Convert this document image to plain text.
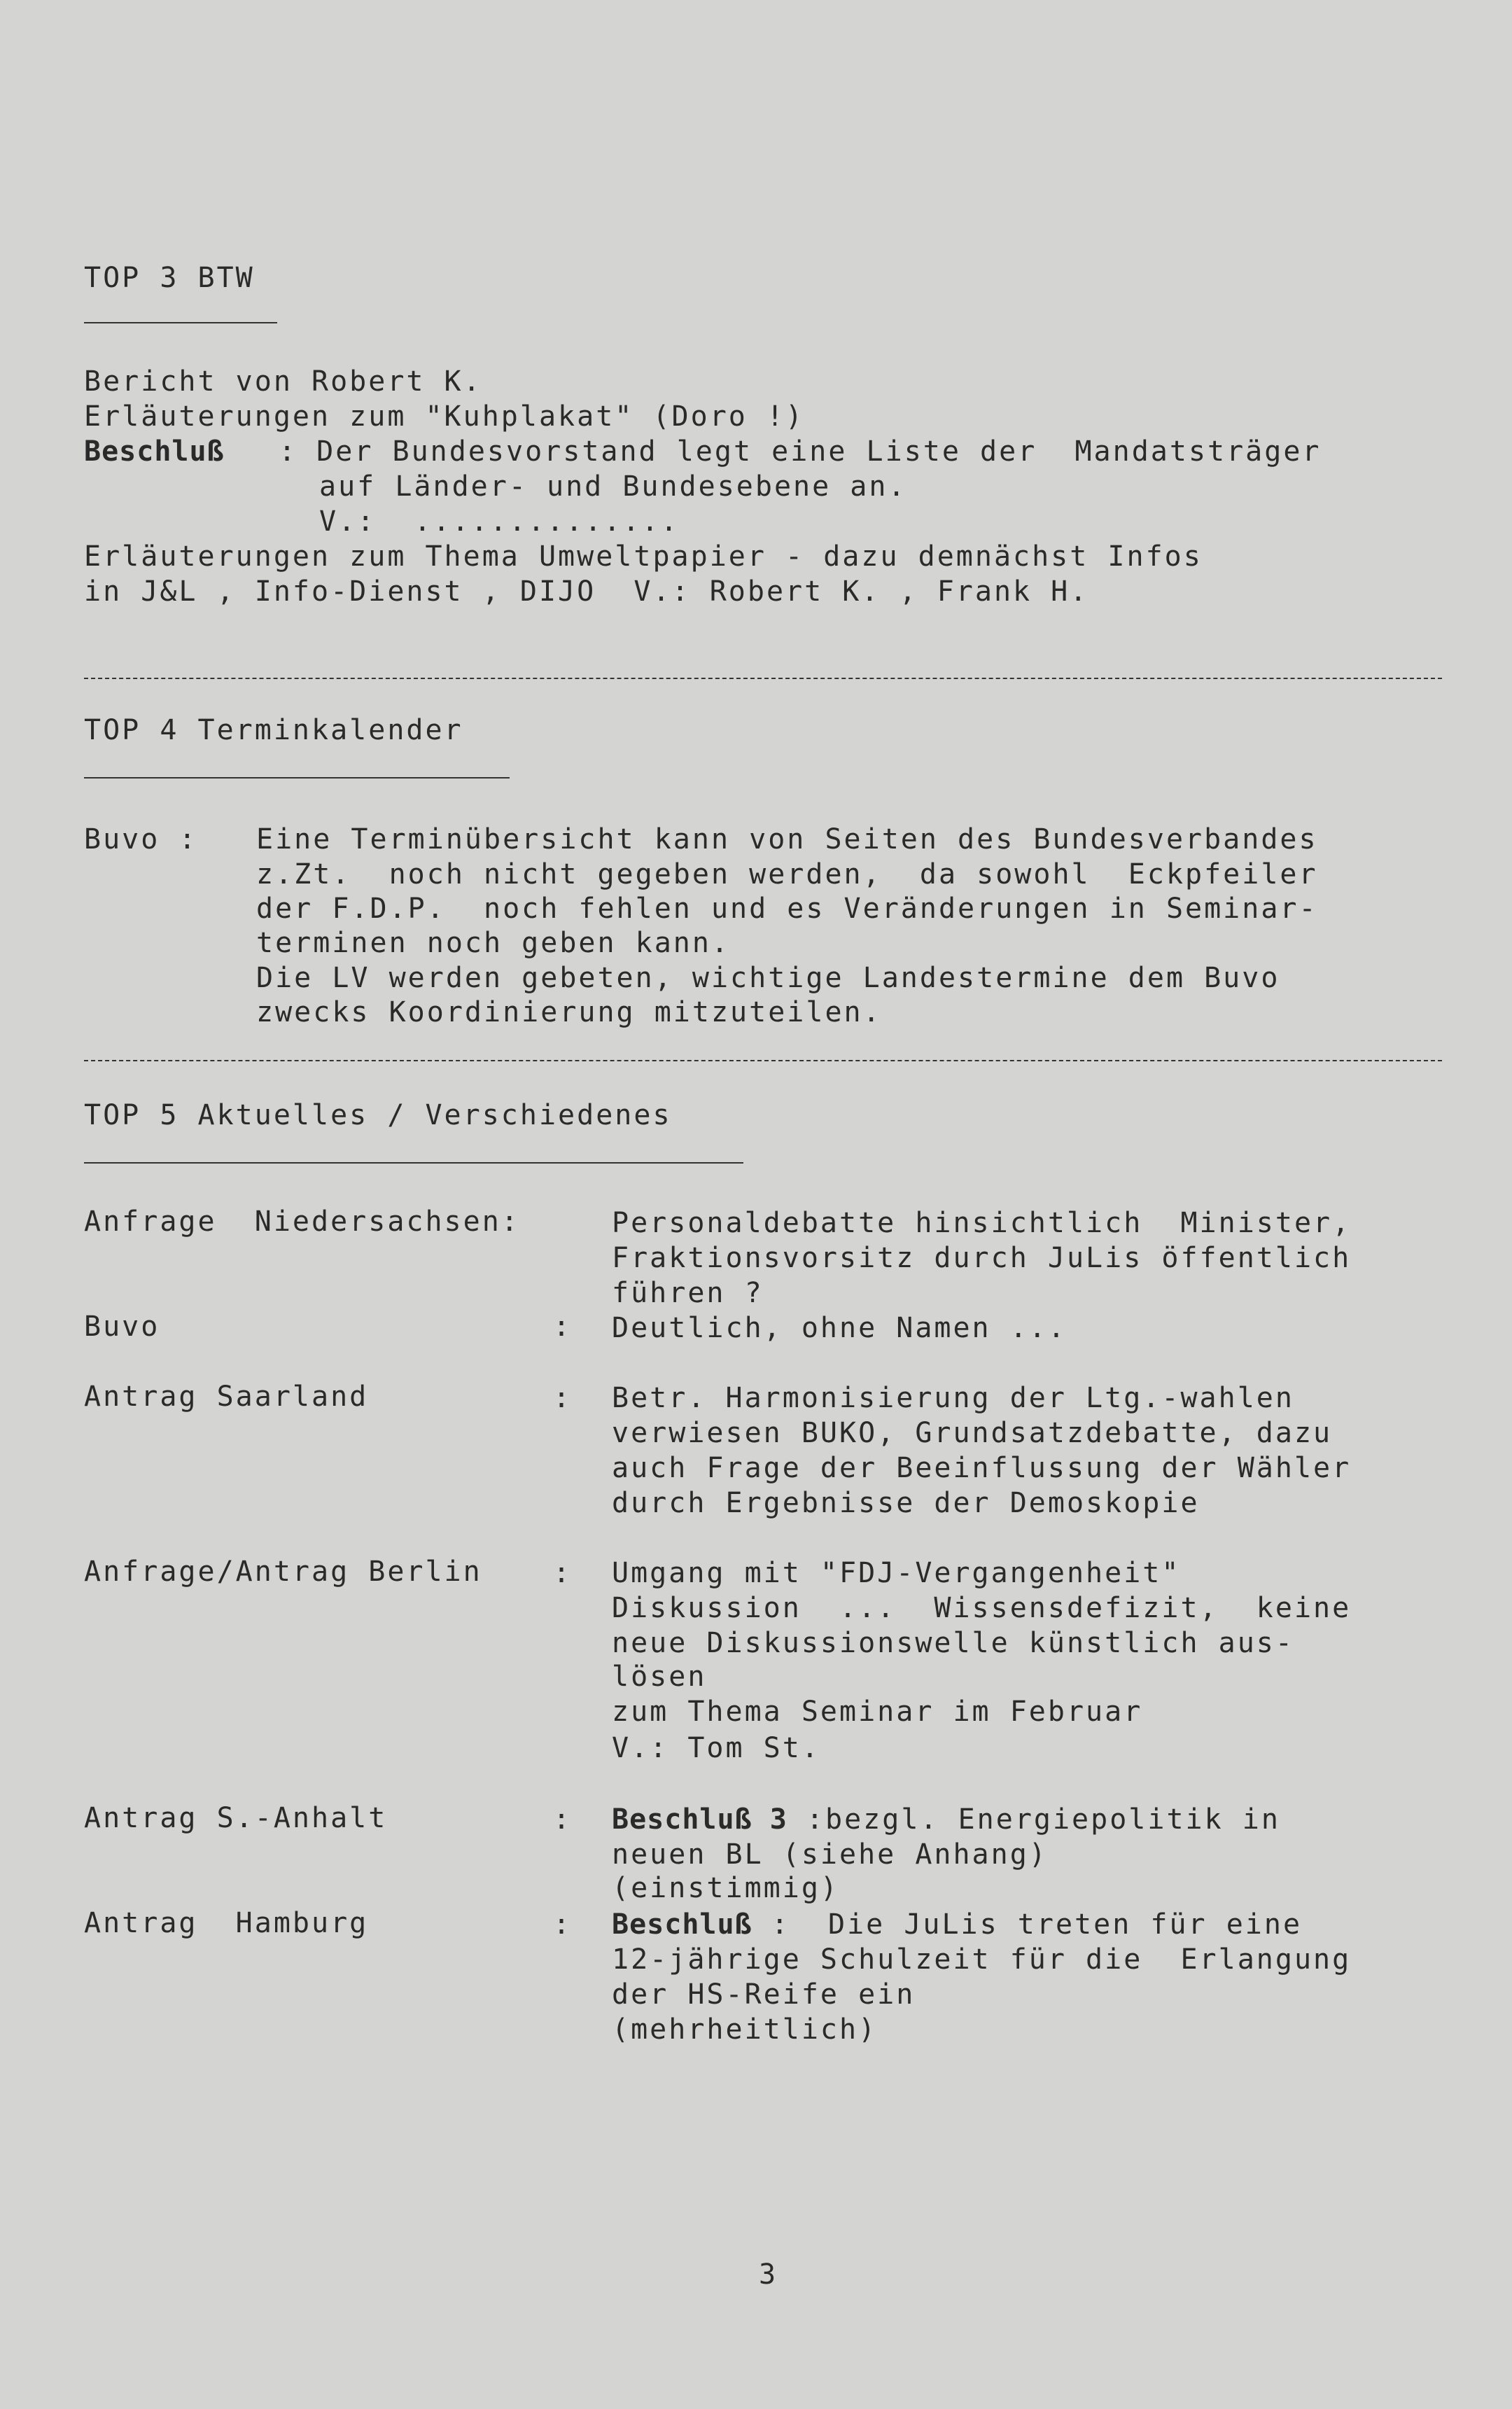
TOP 3 BTW

Bericht von Robert K.

Erläuterungen zum "Kuhplakat" (Doro !)

Beschluß : Der Bundesvorstand legt eine Liste der  Mandatsträger

auf Länder- und Bundesebene an.

V.:  ..............

Erläuterungen zum Thema Umweltpapier - dazu demnächst Infos

in J&L , Info-Dienst , DIJO  V.: Robert K. , Frank H.

TOP 4 Terminkalender

Buvo : Eine Terminübersicht kann von Seiten des Bundesverbandes

z.Zt.  noch nicht gegeben werden,  da sowohl  Eckpfeiler

der F.D.P.  noch fehlen und es Veränderungen in Seminar-

terminen noch geben kann.

Die LV werden gebeten, wichtige Landestermine dem Buvo

zwecks Koordinierung mitzuteilen.

TOP 5 Aktuelles / Verschiedenes

Anfrage  Niedersachsen:	Personaldebatte hinsichtlich  Minister,

Fraktionsvorsitz durch JuLis öffentlich

führen ?

Buvo	: Deutlich, ohne Namen ...

Antrag Saarland	: Betr. Harmonisierung der Ltg.-wahlen

verwiesen BUKO, Grundsatzdebatte, dazu

auch Frage der Beeinflussung der Wähler

durch Ergebnisse der Demoskopie

Anfrage/Antrag Berlin	: Umgang mit "FDJ-Vergangenheit"

Diskussion  ...  Wissensdefizit,  keine

neue Diskussionswelle künstlich aus-

lösen

zum Thema Seminar im Februar

V.: Tom St.

Antrag S.-Anhalt	: Beschluß 3 :bezgl. Energiepolitik in

neuen BL (siehe Anhang)

(einstimmig)

Antrag  Hamburg	: Beschluß :  Die JuLis treten für eine

12-jährige Schulzeit für die  Erlangung

der HS-Reife ein

(mehrheitlich)

3
